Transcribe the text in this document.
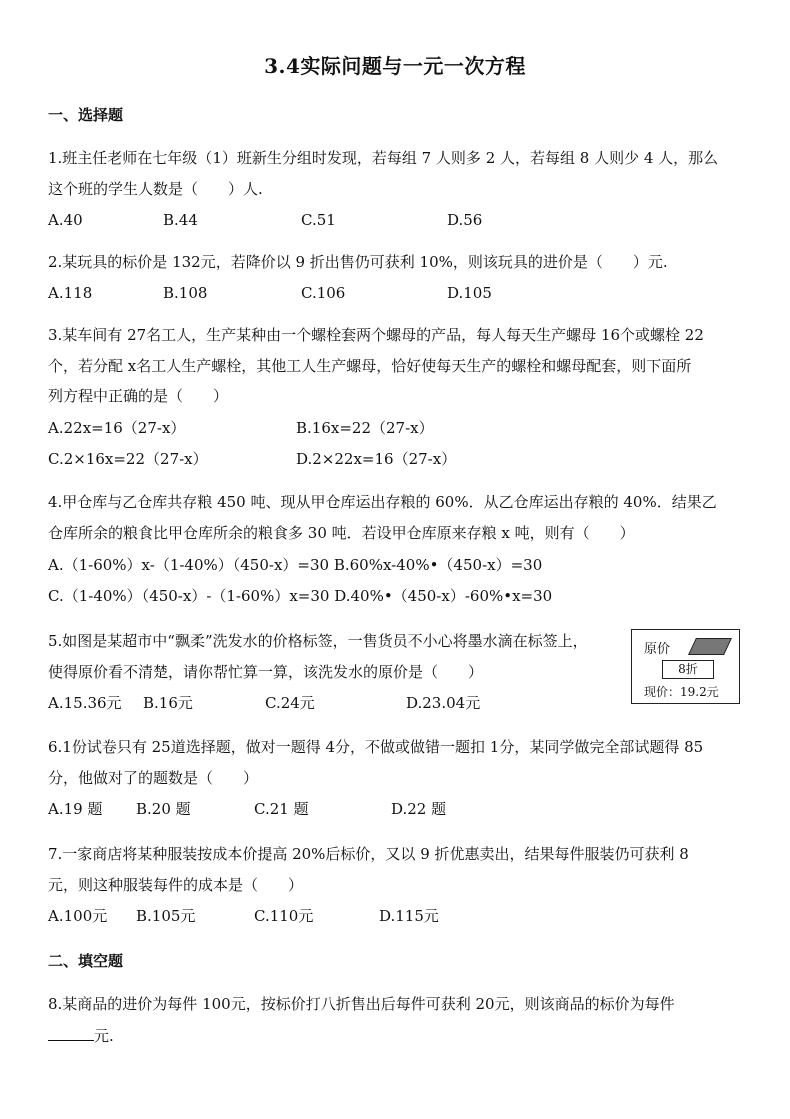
3.4实际问题与一元一次方程
一、选择题
1.班主任老师在七年级（1）班新生分组时发现，若每组 7 人则多 2 人，若每组 8 人则少 4 人，那么
这个班的学生人数是（　　）人.
A.40	B.44	C.51	D.56
2.某玩具的标价是 132元，若降价以 9 折出售仍可获利 10%，则该玩具的进价是（　　）元.
A.118	B.108	C.106	D.105
3.某车间有 27名工人，生产某种由一个螺栓套两个螺母的产品，每人每天生产螺母 16个或螺栓 22
个，若分配 x名工人生产螺栓，其他工人生产螺母，恰好使每天生产的螺栓和螺母配套，则下面所
列方程中正确的是（　　）
A.22x=16（27-x）	B.16x=22（27-x）
C.2×16x=22（27-x）	D.2×22x=16（27-x）
4.甲仓库与乙仓库共存粮 450 吨、现从甲仓库运出存粮的 60%．从乙仓库运出存粮的 40%．结果乙
仓库所余的粮食比甲仓库所余的粮食多 30 吨．若设甲仓库原来存粮 x 吨，则有（　　）
A.（1-60%）x-（1-40%）（450-x）=30 B.60%x-40%•（450-x）=30
C.（1-40%）（450-x）-（1-60%）x=30 D.40%•（450-x）-60%•x=30
5.如图是某超市中“飘柔”洗发水的价格标签，一售货员不小心将墨水滴在标签上，
使得原价看不清楚，请你帮忙算一算，该洗发水的原价是（　　）
A.15.36元 B.16元	C.24元	D.23.04元
原价
8折
现价：19.2元
6.1份试卷只有 25道选择题，做对一题得 4分，不做或做错一题扣 1分，某同学做完全部试题得 85
分，他做对了的题数是（　　）
A.19 题 B.20 题	C.21 题	D.22 题
7.一家商店将某种服装按成本价提高 20%后标价，又以 9 折优惠卖出，结果每件服装仍可获利 8
元，则这种服装每件的成本是（　　）
A.100元 B.105元	C.110元	D.115元
二、填空题
8.某商品的进价为每件 100元，按标价打八折售出后每件可获利 20元，则该商品的标价为每件
元.
